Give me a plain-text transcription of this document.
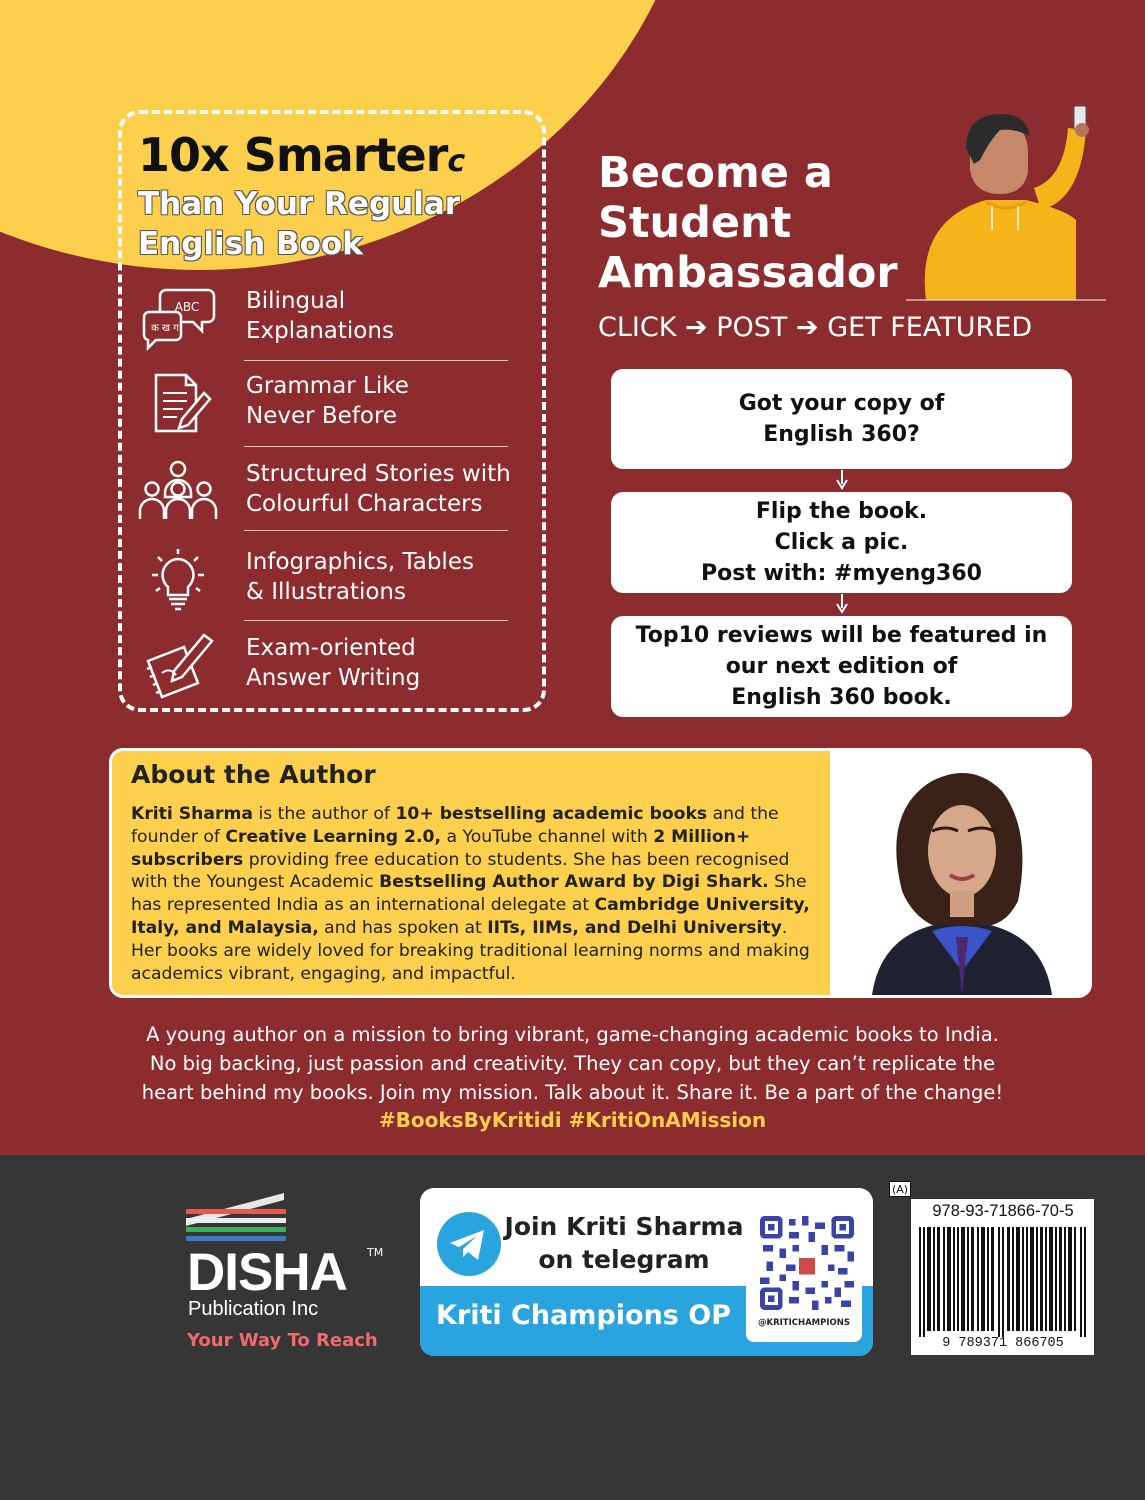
10x Smarterc
Than Your Regular
English Book
ABC
क ख ग
Bilingual
Explanations
Grammar Like
Never Before
Structured Stories with
Colourful Characters
Infographics, Tables
& Illustrations
Exam-oriented
Answer Writing
Become a
Student
Ambassador
CLICK ➔ POST ➔ GET FEATURED
Got your copy of
English 360?
Flip the book.
Click a pic.
Post with: #myeng360
Top10 reviews will be featured in
our next edition of
English 360 book.
About the Author
Kriti Sharma is the author of 10+ bestselling academic books and the founder of Creative Learning 2.0, a YouTube channel with 2 Million+ subscribers providing free education to students. She has been recognised with the Youngest Academic Bestselling Author Award by Digi Shark. She has represented India as an international delegate at Cambridge University, Italy, and Malaysia, and has spoken at IITs, IIMs, and Delhi University. Her books are widely loved for breaking traditional learning norms and making academics vibrant, engaging, and impactful.
A young author on a mission to bring vibrant, game-changing academic books to India.
No big backing, just passion and creativity. They can copy, but they can’t replicate the
heart behind my books. Join my mission. Talk about it. Share it. Be a part of the change!
#BooksByKritidi #KritiOnAMission
DISHA TM
Publication Inc
Your Way To Reach
Join Kriti Sharma
on telegram
Kriti Champions OP	@KRITICHAMPIONS
(A)
978-93-71866-70-5
9 789371 866705
